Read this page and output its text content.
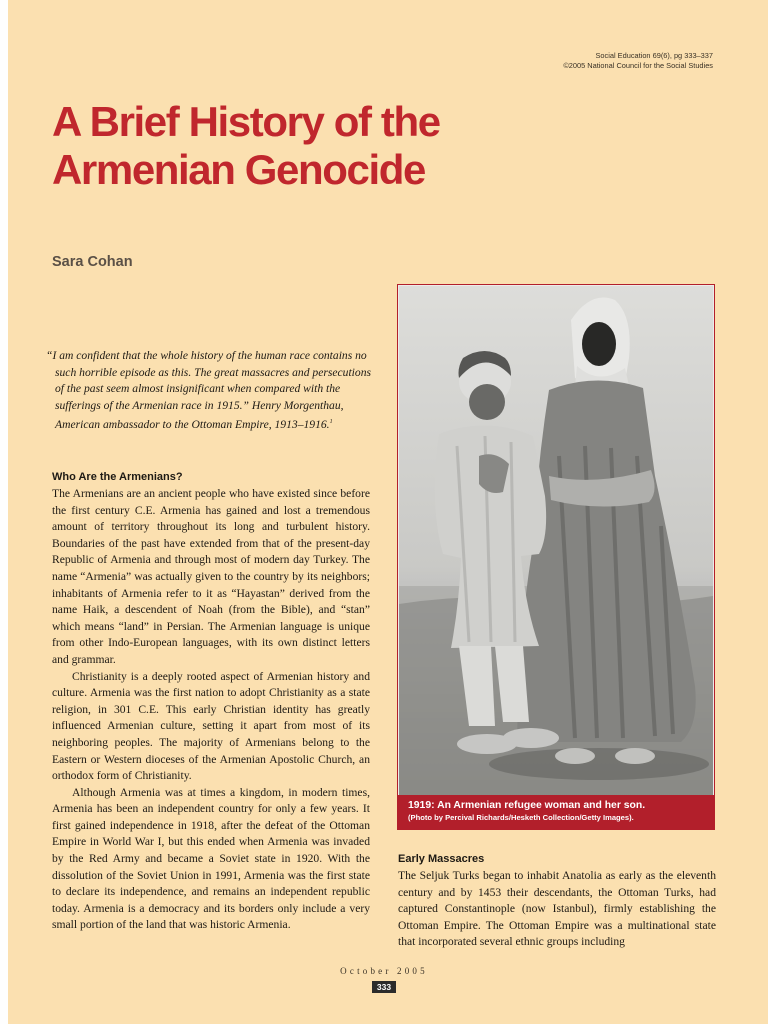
Social Education 69(6), pg 333–337
©2005 National Council for the Social Studies
A Brief History of the
Armenian Genocide
Sara Cohan

“I am confident that the whole history of the human race contains no such horrible episode as this. The great massacres and persecutions of the past seem almost insignificant when compared with the sufferings of the Armenian race in 1915.” Henry Morgenthau, American ambassador to the Ottoman Empire, 1913–1916.$^1$

Who Are the Armenians?

The Armenians are an ancient people who have existed since before the first century C.E. Armenia has gained and lost a tremendous amount of territory throughout its long and turbulent history. Boundaries of the past have extended from that of the present-day Republic of Armenia and through most of modern day Turkey. The name “Armenia” was actually given to the country by its neighbors; inhabitants of Armenia refer to it as “Hayastan” derived from the name Haik, a descendent of Noah (from the Bible), and “stan” which means “land” in Persian. The Armenian language is unique from other Indo-European languages, with its own distinct letters and grammar.

Christianity is a deeply rooted aspect of Armenian history and culture. Armenia was the first nation to adopt Christianity as a state religion, in 301 C.E. This early Christian identity has greatly influenced Armenian culture, setting it apart from most of its neighboring peoples. The majority of Armenians belong to the Eastern or Western dioceses of the Armenian Apostolic Church, an orthodox form of Christianity.

Although Armenia was at times a kingdom, in modern times, Armenia has been an independent country for only a few years. It first gained independence in 1918, after the defeat of the Ottoman Empire in World War I, but this ended when Armenia was invaded by the Red Army and became a Soviet state in 1920. With the dissolution of the Soviet Union in 1991, Armenia was the first state to declare its independence, and remains an independent republic today. Armenia is a democracy and its borders only include a very small portion of the land that was historic Armenia.

1919: An Armenian refugee woman and her son.
(Photo by Percival Richards/Hesketh Collection/Getty Images).
Early Massacres

The Seljuk Turks began to inhabit Anatolia as early as the eleventh century and by 1453 their descendants, the Ottoman Turks, had captured Constantinople (now Istanbul), firmly establishing the Ottoman Empire. The Ottoman Empire was a multinational state that incorporated several ethnic groups including

October 2005
333
